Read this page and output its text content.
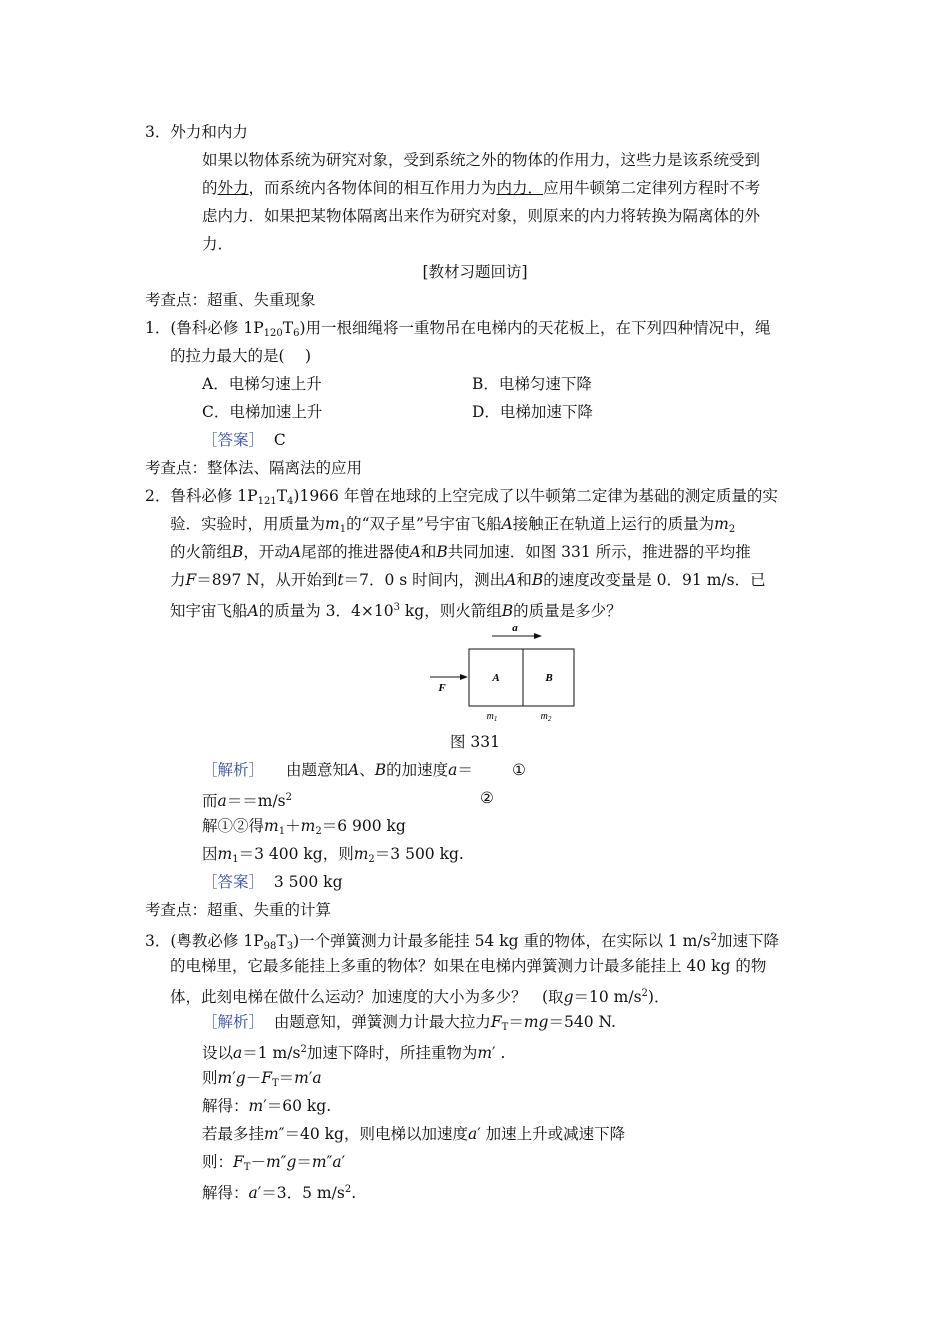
3．外力和内力
如果以物体系统为研究对象，受到系统之外的物体的作用力，这些力是该系统受到
的外力，而系统内各物体间的相互作用力为内力．应用牛顿第二定律列方程时不考
虑内力．如果把某物体隔离出来作为研究对象，则原来的内力将转换为隔离体的外
力．
[教材习题回访]
考查点：超重、失重现象
1．(鲁科必修 $1P_{120}T_6$)用一根细绳将一重物吊在电梯内的天花板上，在下列四种情况中，绳
的拉力最大的是(　 )
A．电梯匀速上升	B．电梯匀速下降
C．电梯加速上升	D．电梯加速下降
［答案］ C
考查点：整体法、隔离法的应用
2．鲁科必修 $1P_{121}T_4)1966$ 年曾在地球的上空完成了以牛顿第二定律为基础的测定质量的实
验．实验时，用质量为$m_1$的“双子星”号宇宙飞船A接触正在轨道上运行的质量为$m_2$
的火箭组B，开动A尾部的推进器使A和B共同加速．如图 331 所示，推进器的平均推
力F＝897 N，从开始到t＝7．0 s 时间内，测出A和B的速度改变量是 0．91 m/s．已
知宇宙飞船A的质量为 3．$4\times 10^3$ kg，则火箭组B的质量是多少？
a
F
A	B
$m_1$	$m_2$
图 331
［解析］ 由题意知A、B的加速度a＝	①
而$a==m/s^2$	②
解①②得$m_1+m_2=6$ 900 kg
因$m_1=3$ 400 kg，则$m_2=3$ 500 kg.
［答案］ 3 500 kg
考查点：超重、失重的计算
3．(粤教必修 $1P_{98}T_3$)一个弹簧测力计最多能挂 54 kg 重的物体，在实际以 1 $m/s^2$加速下降
的电梯里，它最多能挂上多重的物体？如果在电梯内弹簧测力计最多能挂上 40 kg 的物
体，此刻电梯在做什么运动？加速度的大小为多少？　(取g＝10 $m/s^2$)．
［解析］ 由题意知，弹簧测力计最大拉力$F_T=mg=540$ N.
设以a＝1 $m/s^2$加速下降时，所挂重物为m′ .
则$m'g-F_T=m'a$
解得：m′＝60 kg.
若最多挂m″＝40 kg，则电梯以加速度a′ 加速上升或减速下降
则：$F_T-m''g=m''a'$
解得：a′＝3．5 $m/s^2$.
